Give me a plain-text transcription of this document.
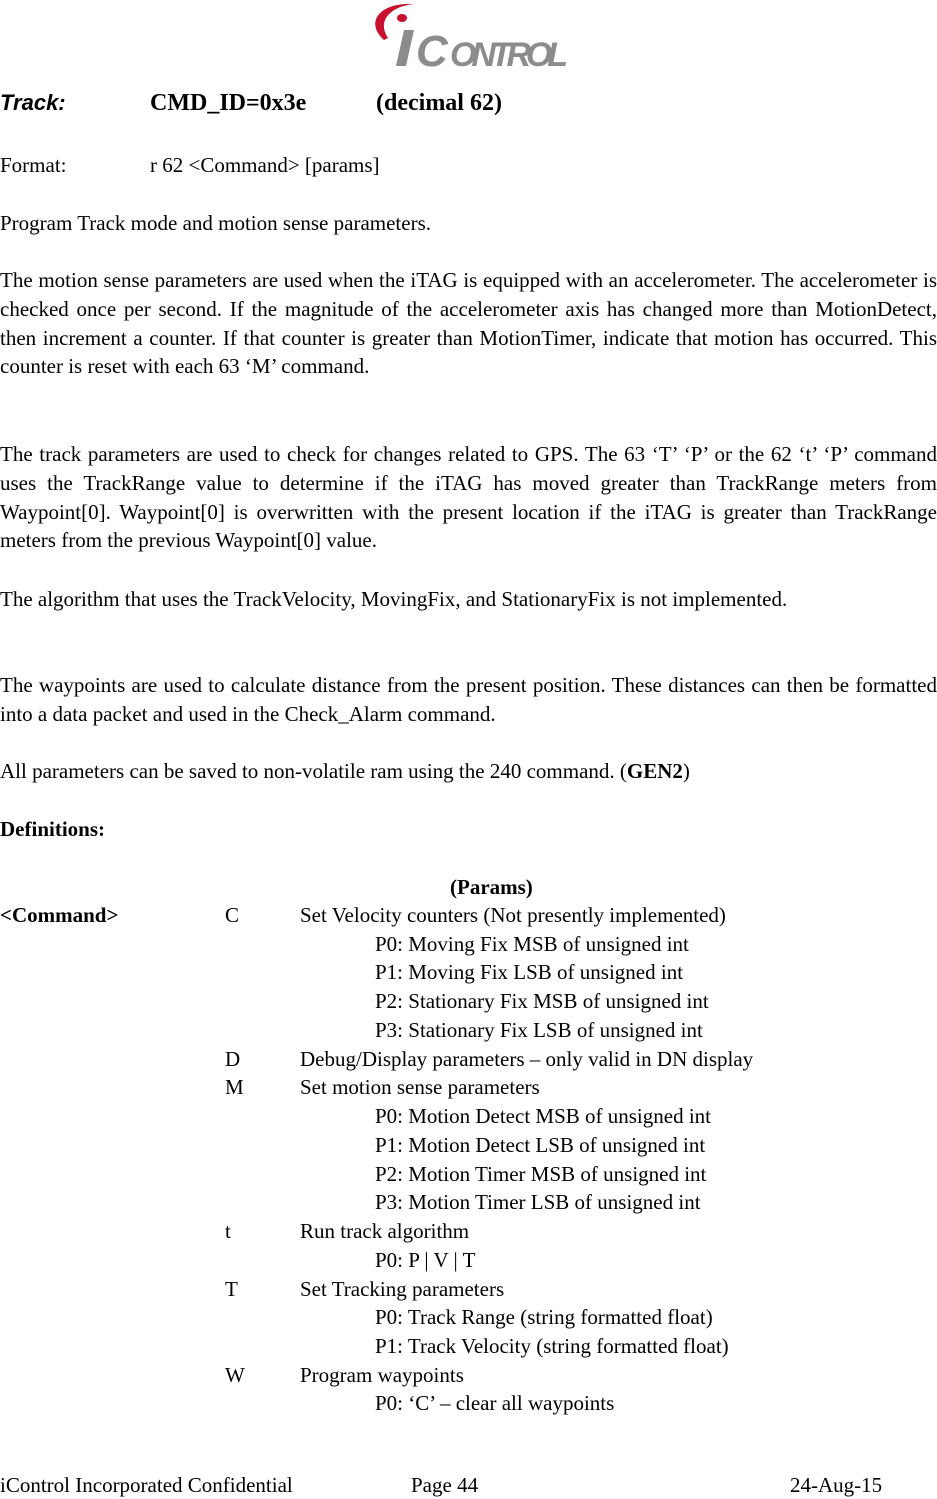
C ONTROL
Track:	CMD_ID=0x3e	(decimal 62)
Format:	r 62 <Command> [params]
Program Track mode and motion sense parameters.
The motion sense parameters are used when the iTAG is equipped with an accelerometer. The accelerometer is checked once per second. If the magnitude of the accelerometer axis has changed more than MotionDetect, then increment a counter. If that counter is greater than MotionTimer, indicate that motion has occurred. This counter is reset with each 63 ‘M’ command.
The track parameters are used to check for changes related to GPS. The 63 ‘T’ ‘P’ or the 62 ‘t’ ‘P’ command uses the TrackRange value to determine if the iTAG has moved greater than TrackRange meters from Waypoint[0]. Waypoint[0] is overwritten with the present location if the iTAG is greater than TrackRange meters from the previous Waypoint[0] value.
The algorithm that uses the TrackVelocity, MovingFix, and StationaryFix is not implemented.
The waypoints are used to calculate distance from the present position. These distances can then be formatted into a data packet and used in the Check_Alarm command.
All parameters can be saved to non-volatile ram using the 240 command. (GEN2)
Definitions:
(Params)
<Command>	C	Set Velocity counters (Not presently implemented)
P0: Moving Fix MSB of unsigned int
P1: Moving Fix LSB of unsigned int
P2: Stationary Fix MSB of unsigned int
P3: Stationary Fix LSB of unsigned int
D	Debug/Display parameters – only valid in DN display
M	Set motion sense parameters
P0: Motion Detect MSB of unsigned int
P1: Motion Detect LSB of unsigned int
P2: Motion Timer MSB of unsigned int
P3: Motion Timer LSB of unsigned int
t	Run track algorithm
P0: P | V | T
T	Set Tracking parameters
P0: Track Range (string formatted float)
P1: Track Velocity (string formatted float)
W	Program waypoints
P0: ‘C’ – clear all waypoints
iControl Incorporated Confidential	Page 44	24-Aug-15
